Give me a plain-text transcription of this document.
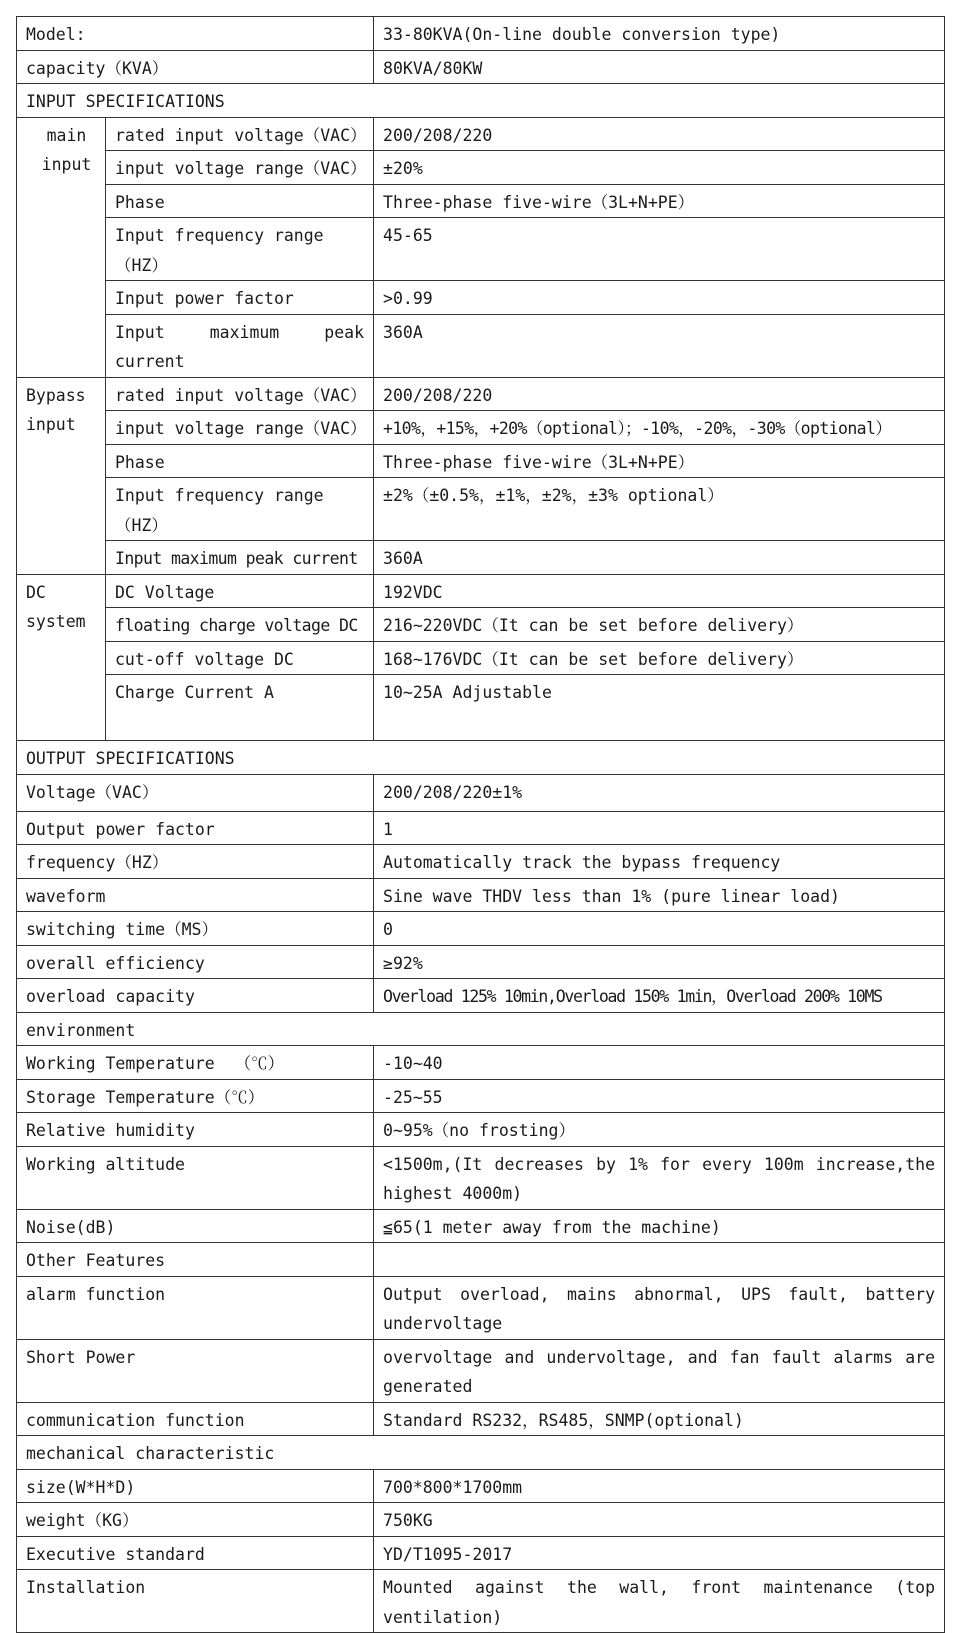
Model:		33-80KVA(On-line double conversion type)
capacity（KVA）		80KVA/80KW
INPUT SPECIFICATIONS		
main input	rated input voltage（VAC）	200/208/220
	input voltage range（VAC）	±20%
	Phase	Three-phase five-wire（3L+N+PE）
	Input frequency range（HZ）	45-65
	Input power factor	>0.99
	Input maximum peak current	360A
Bypass input	rated input voltage（VAC）	200/208/220
	input voltage range（VAC）	+10%，+15%，+20%（optional）；-10%，-20%，-30%（optional）
	Phase	Three-phase five-wire（3L+N+PE）
	Input frequency range（HZ）	±2%（±0.5%，±1%，±2%，±3% optional）
	Input maximum peak current	360A
DC system	DC Voltage	192VDC
	floating charge voltage DC	216~220VDC（It can be set before delivery）
	cut-off voltage DC	168~176VDC（It can be set before delivery）
	Charge Current A	10~25A Adjustable
OUTPUT SPECIFICATIONS		
Voltage（VAC）		200/208/220±1%
Output power factor		1
frequency（HZ）		Automatically track the bypass frequency
waveform		Sine wave THDV less than 1% (pure linear load)
switching time（MS）		0
overall efficiency		≥92%
overload capacity		Overload 125% 10min,Overload 150% 1min，Overload 200% 10MS
environment		
Working Temperature  （℃）		-10~40
Storage Temperature（℃）		-25~55
Relative humidity		0~95%（no frosting）
Working altitude		<1500m,(It decreases by 1% for every 100m increase,the highest 4000m)
Noise(dB)		≦65(1 meter away from the machine)
Other Features		
alarm function		Output overload, mains abnormal, UPS fault, battery undervoltage
Short Power		overvoltage and undervoltage, and fan fault alarms are generated
communication function		Standard RS232，RS485，SNMP(optional)
mechanical characteristic		
size(W*H*D)		700*800*1700mm
weight（KG）		750KG
Executive standard		YD/T1095-2017
Installation		Mounted against the wall, front maintenance (top ventilation)
